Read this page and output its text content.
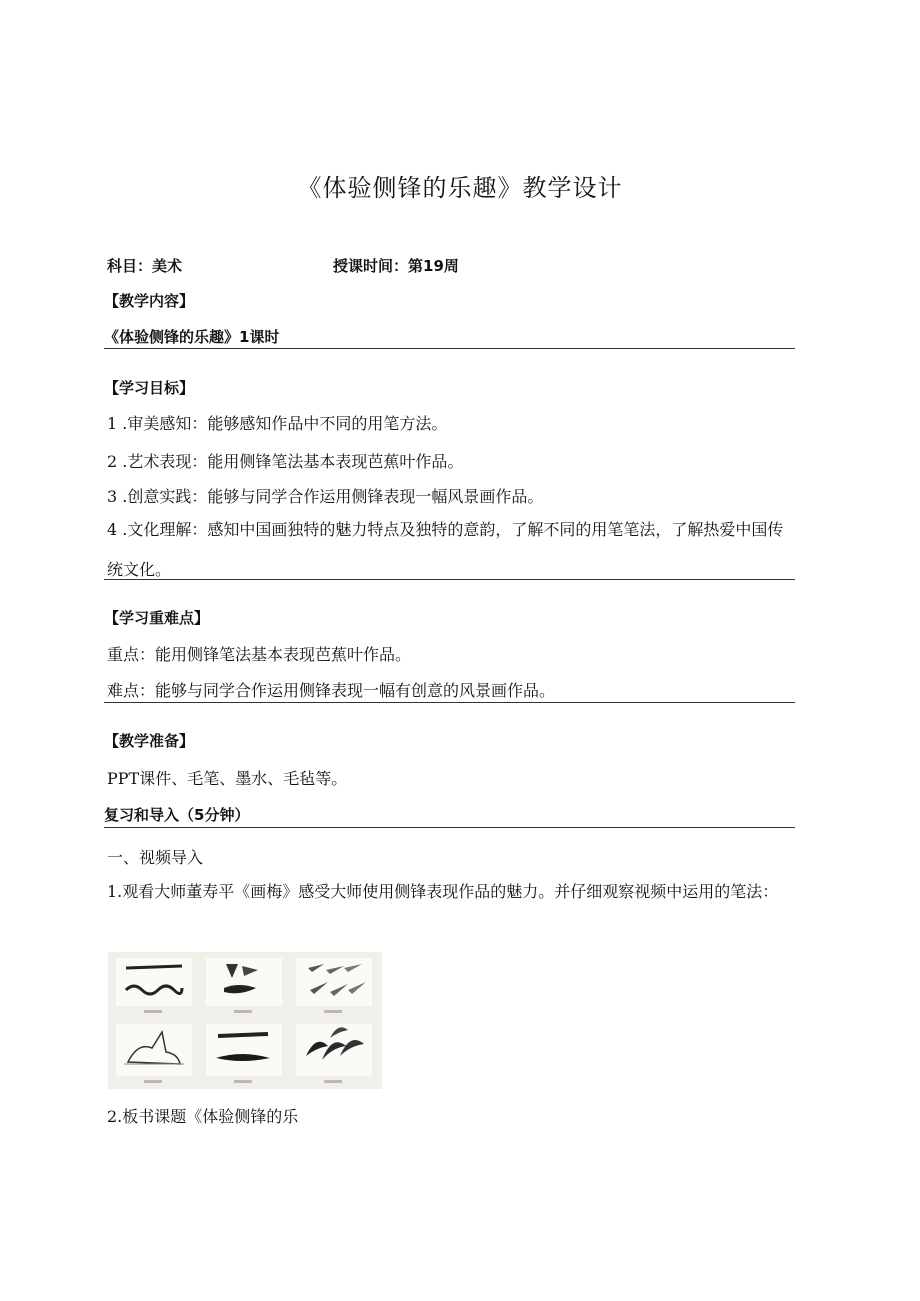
《体验侧锋的乐趣》教学设计
科目：美术	授课时间：第19周
【教学内容】
《体验侧锋的乐趣》1课时
【学习目标】
1 .审美感知：能够感知作品中不同的用笔方法。
2 .艺术表现：能用侧锋笔法基本表现芭蕉叶作品。
3 .创意实践：能够与同学合作运用侧锋表现一幅风景画作品。
4 .文化理解：感知中国画独特的魅力特点及独特的意韵，了解不同的用笔笔法，了解热爱中国传统文化。
【学习重难点】
重点：能用侧锋笔法基本表现芭蕉叶作品。
难点：能够与同学合作运用侧锋表现一幅有创意的风景画作品。
【教学准备】
PPT课件、毛笔、墨水、毛毡等。
复习和导入（5分钟）
一、视频导入
1.观看大师董寿平《画梅》感受大师使用侧锋表现作品的魅力。并仔细观察视频中运用的笔法：
2.板书课题《体验侧锋的乐
